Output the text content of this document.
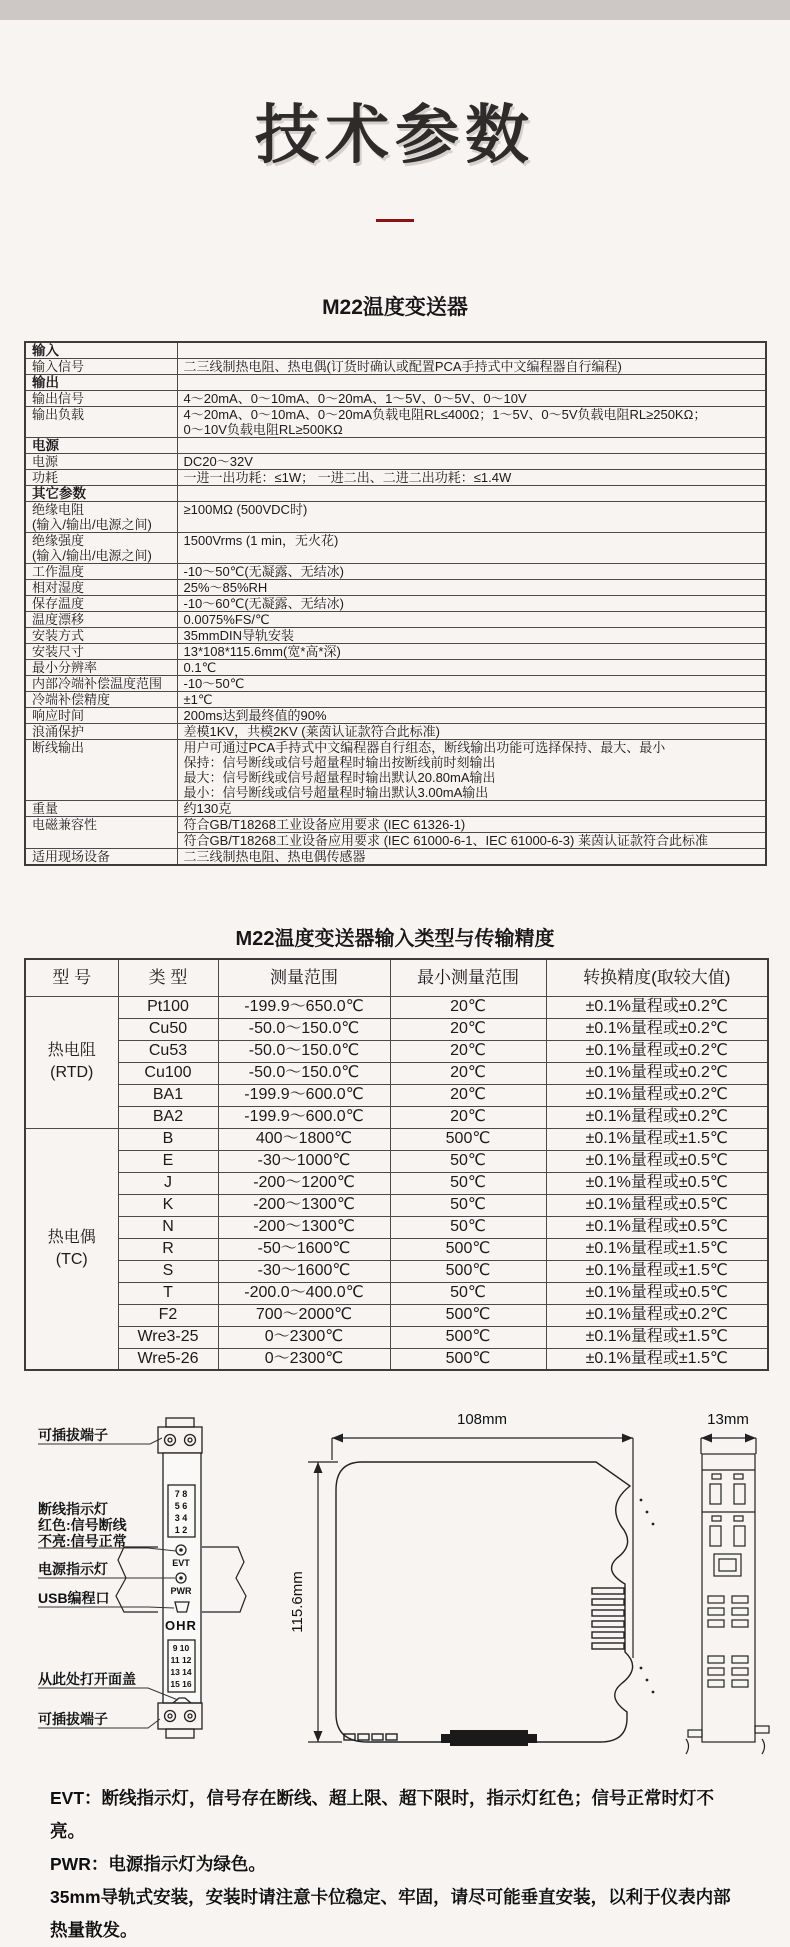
技术参数
M22温度变送器
输入	

输入信号	二三线制热电阻、热电偶(订货时确认或配置PCA手持式中文编程器自行编程)

输出	

输出信号	4～20mA、0～10mA、0～20mA、1～5V、0～5V、0～10V

输出负载	4～20mA、0～10mA、0～20mA负载电阻RL≤400Ω；1～5V、0～5V负载电阻RL≥250KΩ；
0～10V负载电阻RL≥500KΩ

电源	

电源	DC20～32V

功耗	一进一出功耗：≤1W； 一进二出、二进二出功耗：≤1.4W

其它参数	

绝缘电阻
(输入/输出/电源之间)	≥100MΩ (500VDC时)

绝缘强度
(输入/输出/电源之间)	1500Vrms (1 min，无火花)

工作温度	-10～50℃(无凝露、无结冰)

相对湿度	25%～85%RH

保存温度	-10～60℃(无凝露、无结冰)

温度漂移	0.0075%FS/℃

安装方式	35mmDIN导轨安装

安装尺寸	13*108*115.6mm(宽*高*深)

最小分辨率	0.1℃

内部冷端补偿温度范围	-10～50℃

冷端补偿精度	±1℃

响应时间	200ms达到最终值的90%

浪涌保护	差模1KV，共模2KV (莱茵认证款符合此标准)

断线输出	用户可通过PCA手持式中文编程器自行组态，断线输出功能可选择保持、最大、最小
保持：信号断线或信号超量程时输出按断线前时刻输出
最大：信号断线或信号超量程时输出默认20.80mA输出
最小：信号断线或信号超量程时输出默认3.00mA输出

重量	约130克

电磁兼容性	符合GB/T18268工业设备应用要求 (IEC 61326-1)
	符合GB/T18268工业设备应用要求 (IEC 61000-6-1、IEC 61000-6-3) 莱茵认证款符合此标准

适用现场设备	二三线制热电阻、热电偶传感器
M22温度变送器输入类型与传输精度
型 号	类 型	测量范围	最小测量范围	转换精度(取较大值)

热电阻
(RTD)	Pt100	-199.9～650.0℃	20℃	±0.1%量程或±0.2℃
	Cu50	-50.0～150.0℃	20℃	±0.1%量程或±0.2℃
	Cu53	-50.0～150.0℃	20℃	±0.1%量程或±0.2℃
	Cu100	-50.0～150.0℃	20℃	±0.1%量程或±0.2℃
	BA1	-199.9～600.0℃	20℃	±0.1%量程或±0.2℃
	BA2	-199.9～600.0℃	20℃	±0.1%量程或±0.2℃

热电偶
(TC)	B	400～1800℃	500℃	±0.1%量程或±1.5℃
	E	-30～1000℃	50℃	±0.1%量程或±0.5℃
	J	-200～1200℃	50℃	±0.1%量程或±0.5℃
	K	-200～1300℃	50℃	±0.1%量程或±0.5℃
	N	-200～1300℃	50℃	±0.1%量程或±0.5℃
	R	-50～1600℃	500℃	±0.1%量程或±1.5℃
	S	-30～1600℃	500℃	±0.1%量程或±1.5℃
	T	-200.0～400.0℃	50℃	±0.1%量程或±0.5℃
	F2	700～2000℃	500℃	±0.1%量程或±0.2℃
	Wre3-25	0～2300℃	500℃	±0.1%量程或±1.5℃
	Wre5-26	0～2300℃	500℃	±0.1%量程或±1.5℃
可插拔端子
断线指示灯
红色:信号断线
不亮:信号正常
电源指示灯
USB编程口
从此处打开面盖
可插拔端子
7 8
5 6
3 4
1 2
EVT
PWR
OHR
9 10
11 12
13 14
15 16
108mm
115.6mm
13mm

EVT：断线指示灯，信号存在断线、超上限、超下限时，指示灯红色；信号正常时灯不亮。

PWR：电源指示灯为绿色。

35mm导轨式安装，安装时请注意卡位稳定、牢固，请尽可能垂直安装，以利于仪表内部热量散发。
